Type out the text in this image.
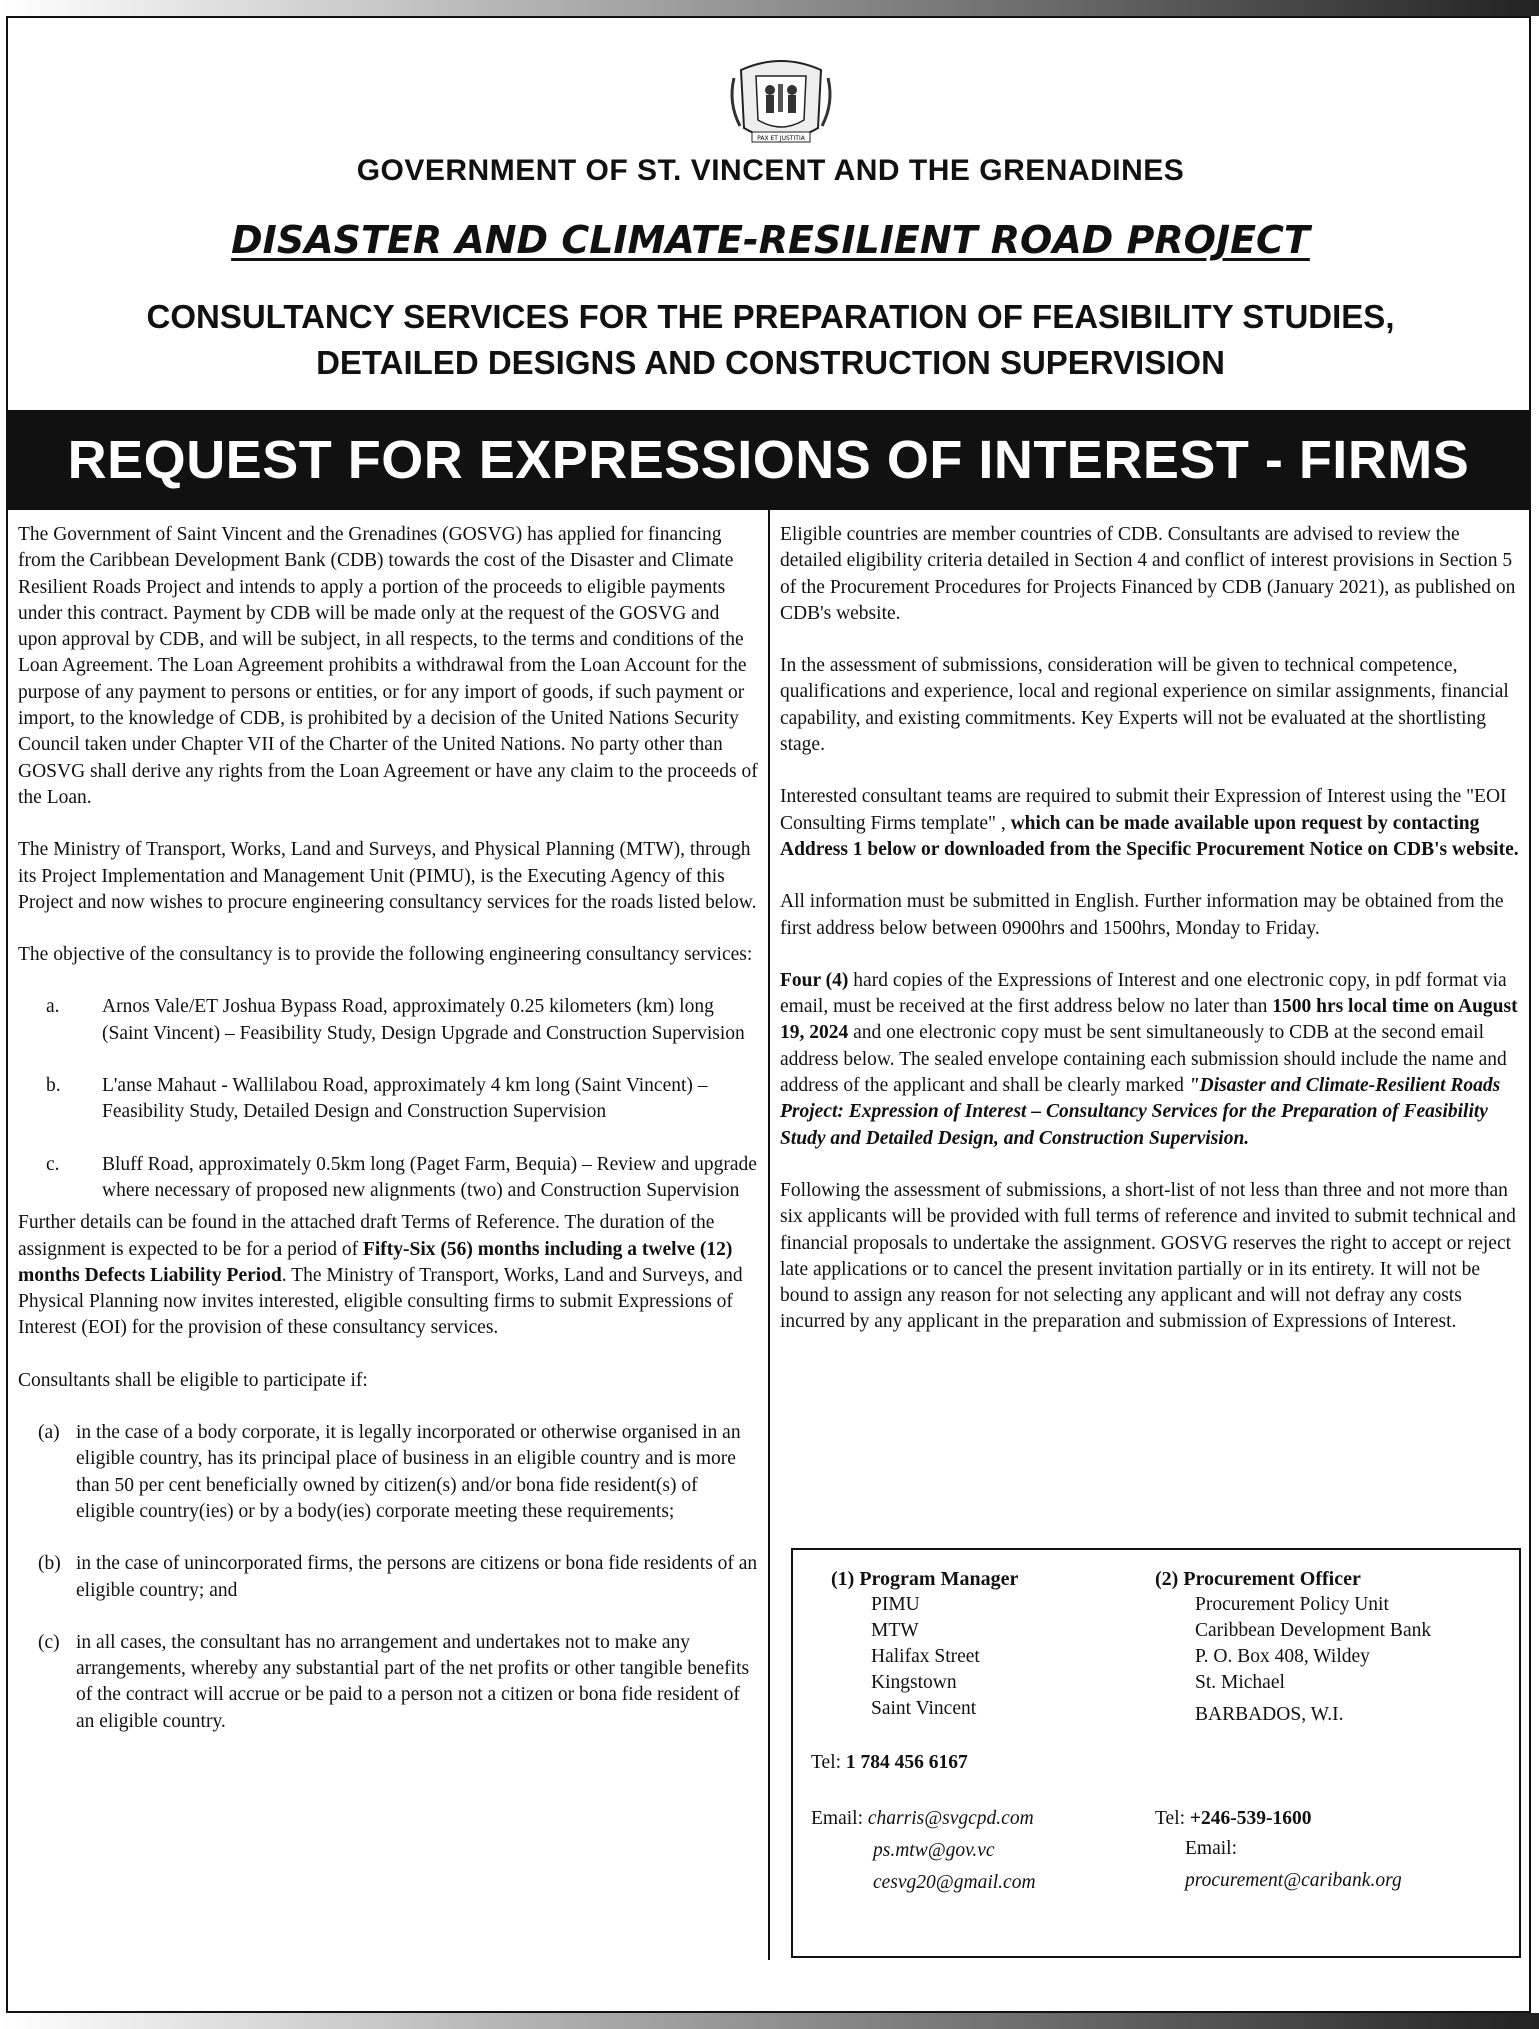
PAX ET JUSTITIA
GOVERNMENT OF ST. VINCENT AND THE GRENADINES
DISASTER AND CLIMATE-RESILIENT ROAD PROJECT
CONSULTANCY SERVICES FOR THE PREPARATION OF FEASIBILITY STUDIES,
DETAILED DESIGNS AND CONSTRUCTION SUPERVISION
REQUEST FOR EXPRESSIONS OF INTEREST - FIRMS

The Government of Saint Vincent and the Grenadines (GOSVG) has applied for financing from the Caribbean Development Bank (CDB) towards the cost of the Disaster and Climate Resilient Roads Project and intends to apply a portion of the proceeds to eligible payments under this contract. Payment by CDB will be made only at the request of the GOSVG and upon approval by CDB, and will be subject, in all respects, to the terms and conditions of the Loan Agreement. The Loan Agreement prohibits a withdrawal from the Loan Account for the purpose of any payment to persons or entities, or for any import of goods, if such payment or import, to the knowledge of CDB, is prohibited by a decision of the United Nations Security Council taken under Chapter VII of the Charter of the United Nations. No party other than GOSVG shall derive any rights from the Loan Agreement or have any claim to the proceeds of the Loan.

The Ministry of Transport, Works, Land and Surveys, and Physical Planning (MTW), through its Project Implementation and Management Unit (PIMU), is the Executing Agency of this Project and now wishes to procure engineering consultancy services for the roads listed below.

The objective of the consultancy is to provide the following engineering consultancy services:

a.	Arnos Vale/ET Joshua Bypass Road, approximately 0.25 kilometers (km) long (Saint Vincent) – Feasibility Study, Design Upgrade and Construction Supervision
b.	L'anse Mahaut - Wallilabou Road, approximately 4 km long (Saint Vincent) – Feasibility Study, Detailed Design and Construction Supervision
c.	Bluff Road, approximately 0.5km long (Paget Farm, Bequia) – Review and upgrade where necessary of proposed new alignments (two) and Construction Supervision

Further details can be found in the attached draft Terms of Reference. The duration of the assignment is expected to be for a period of Fifty-Six (56) months including a twelve (12) months Defects Liability Period. The Ministry of Transport, Works, Land and Surveys, and Physical Planning now invites interested, eligible consulting firms to submit Expressions of Interest (EOI) for the provision of these consultancy services.

Consultants shall be eligible to participate if:

(a) in the case of a body corporate, it is legally incorporated or otherwise organised in an eligible country, has its principal place of business in an eligible country and is more than 50 per cent beneficially owned by citizen(s) and/or bona fide resident(s) of eligible country(ies) or by a body(ies) corporate meeting these requirements;
(b) in the case of unincorporated firms, the persons are citizens or bona fide residents of an eligible country; and
(c) in all cases, the consultant has no arrangement and undertakes not to make any arrangements, whereby any substantial part of the net profits or other tangible benefits of the contract will accrue or be paid to a person not a citizen or bona fide resident of an eligible country.

Eligible countries are member countries of CDB. Consultants are advised to review the detailed eligibility criteria detailed in Section 4 and conflict of interest provisions in Section 5 of the Procurement Procedures for Projects Financed by CDB (January 2021), as published on CDB's website.

In the assessment of submissions, consideration will be given to technical competence, qualifications and experience, local and regional experience on similar assignments, financial capability, and existing commitments. Key Experts will not be evaluated at the shortlisting stage.

Interested consultant teams are required to submit their Expression of Interest using the "EOI Consulting Firms template" , which can be made available upon request by contacting Address 1 below or downloaded from the Specific Procurement Notice on CDB's website.

All information must be submitted in English. Further information may be obtained from the first address below between 0900hrs and 1500hrs, Monday to Friday.

Four (4) hard copies of the Expressions of Interest and one electronic copy, in pdf format via email, must be received at the first address below no later than 1500 hrs local time on August 19, 2024 and one electronic copy must be sent simultaneously to CDB at the second email address below. The sealed envelope containing each submission should include the name and address of the applicant and shall be clearly marked "Disaster and Climate-Resilient Roads Project: Expression of Interest – Consultancy Services for the Preparation of Feasibility Study and Detailed Design, and Construction Supervision.

Following the assessment of submissions, a short-list of not less than three and not more than six applicants will be provided with full terms of reference and invited to submit technical and financial proposals to undertake the assignment. GOSVG reserves the right to accept or reject late applications or to cancel the present invitation partially or in its entirety. It will not be bound to assign any reason for not selecting any applicant and will not defray any costs incurred by any applicant in the preparation and submission of Expressions of Interest.

(1) Program Manager
PIMU
MTW
Halifax Street
Kingstown
Saint Vincent
Tel: 1 784 456 6167
Email: charris@svgcpd.com
ps.mtw@gov.vc
cesvg20@gmail.com
(2) Procurement Officer
Procurement Policy Unit
Caribbean Development Bank
P. O. Box 408, Wildey
St. Michael
BARBADOS, W.I.
Tel: +246-539-1600
Email:
procurement@caribank.org
